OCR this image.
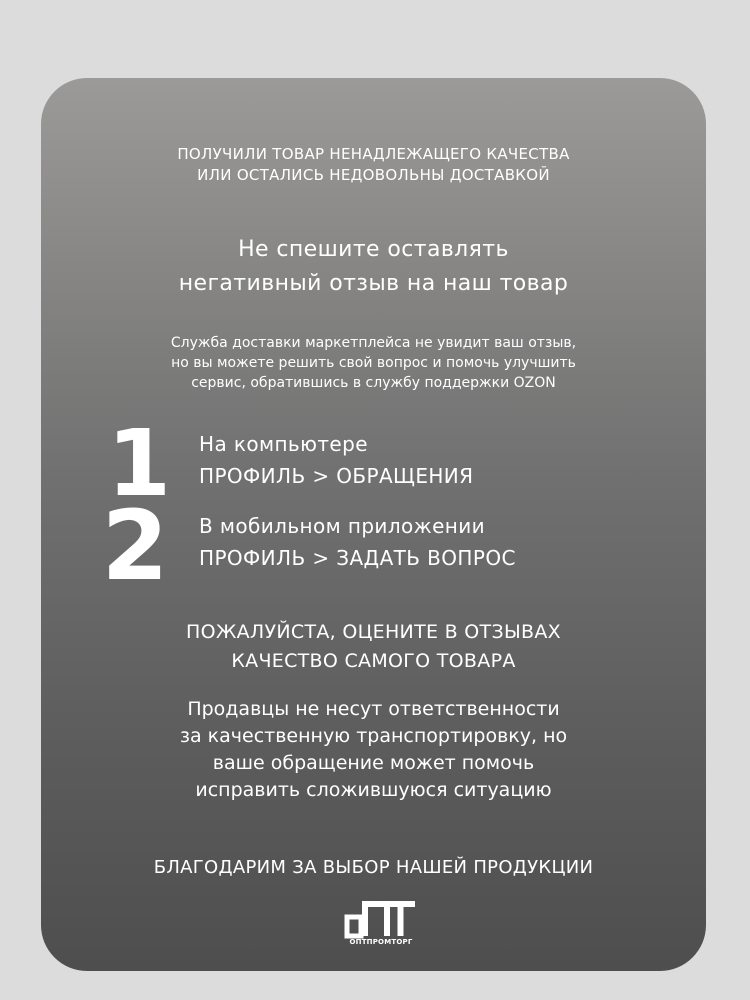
ПОЛУЧИЛИ ТОВАР НЕНАДЛЕЖАЩЕГО КАЧЕСТВА
ИЛИ ОСТАЛИСЬ НЕДОВОЛЬНЫ ДОСТАВКОЙ
Не спешите оставлять
негативный отзыв на наш товар
Служба доставки маркетплейса не увидит ваш отзыв,
но вы можете решить свой вопрос и помочь улучшить
сервис, обратившись в службу поддержки OZON
1	На компьютере
ПРОФИЛЬ > ОБРАЩЕНИЯ
2	В мобильном приложении
ПРОФИЛЬ > ЗАДАТЬ ВОПРОС
ПОЖАЛУЙСТА, ОЦЕНИТЕ В ОТЗЫВАХ
КАЧЕСТВО САМОГО ТОВАРА
Продавцы не несут ответственности
за качественную транспортировку, но
ваше обращение может помочь
исправить сложившуюся ситуацию
БЛАГОДАРИМ ЗА ВЫБОР НАШЕЙ ПРОДУКЦИИ
ОПТПРОМТОРГ
